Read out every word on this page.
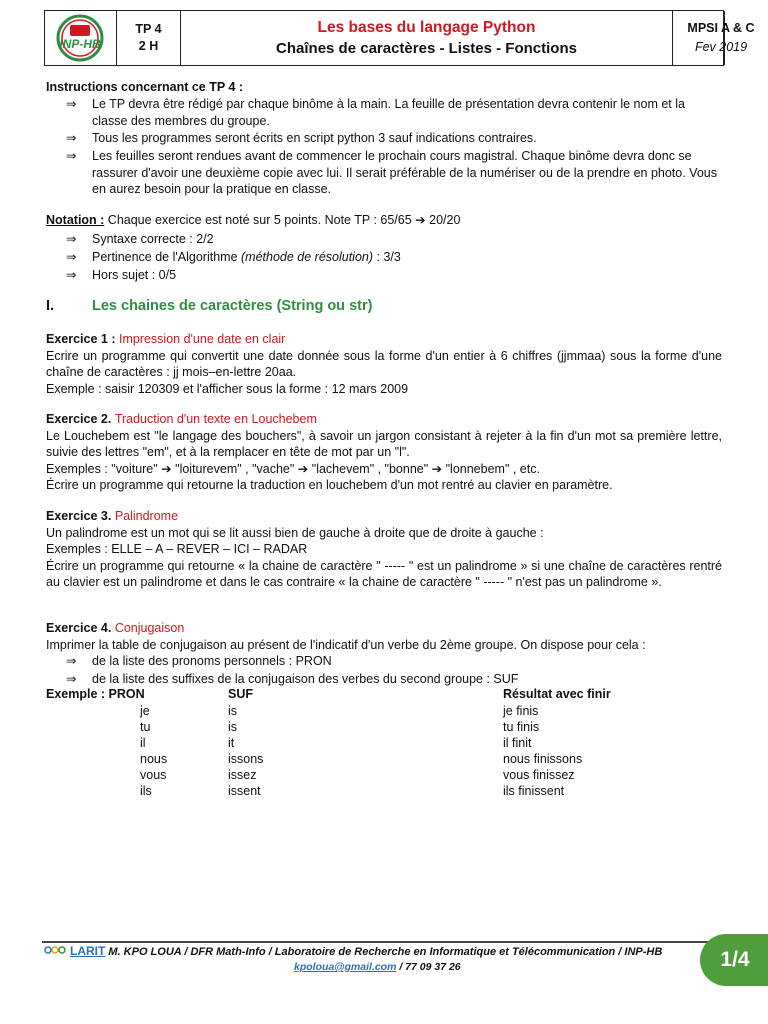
INP-HB
TP 4
2 H
Les bases du langage Python
Chaînes de caractères - Listes - Fonctions
MPSI A & C
Fev 2019
Instructions concernant ce TP 4 :
⇒ Le TP devra être rédigé par chaque binôme à la main. La feuille de présentation devra contenir le nom et la classe des membres du groupe.
⇒ Tous les programmes seront écrits en script python 3 sauf indications contraires.
⇒ Les feuilles seront rendues avant de commencer le prochain cours magistral. Chaque binôme devra donc se rassurer d'avoir une deuxième copie avec lui. Il serait préférable de la numériser ou de la prendre en photo. Vous en aurez besoin pour la pratique en classe.
Notation : Chaque exercice est noté sur 5 points. Note TP : 65/65 ➔ 20/20
⇒ Syntaxe correcte : 2/2
⇒ Pertinence de l'Algorithme (méthode de résolution) : 3/3
⇒ Hors sujet : 0/5
I.	Les chaines de caractères (String ou str)

Exercice 1 : Impression d'une date en clair

Ecrire un programme qui convertit une date donnée sous la forme d'un entier à 6 chiffres (jjmmaa) sous la forme d'une chaîne de caractères : jj mois–en-lettre 20aa.

Exemple : saisir 120309 et l'afficher sous la forme : 12 mars 2009

Exercice 2. Traduction d'un texte en Louchebem

Le Louchebem est "le langage des bouchers", à savoir un jargon consistant à rejeter à la fin d'un mot sa première lettre, suivie des lettres "em", et à la remplacer en tête de mot par un "l".

Exemples : "voiture" ➔ "loiturevem" , "vache" ➔ "lachevem" , "bonne" ➔ "lonnebem" , etc.

Écrire un programme qui retourne la traduction en louchebem d'un mot rentré au clavier en paramètre.

Exercice 3. Palindrome

Un palindrome est un mot qui se lit aussi bien de gauche à droite que de droite à gauche :

Exemples : ELLE – A – REVER – ICI – RADAR

Écrire un programme qui retourne « la chaine de caractère " ----- " est un palindrome » si une chaîne de caractères rentré au clavier est un palindrome et dans le cas contraire « la chaine de caractère " ----- " n'est pas un palindrome ».

Exercice 4. Conjugaison

Imprimer la table de conjugaison au présent de l'indicatif d'un verbe du 2ème groupe. On dispose pour cela :

⇒ de la liste des pronoms personnels : PRON
⇒ de la liste des suffixes de la conjugaison des verbes du second groupe : SUF
Exemple : PRON	SUF	Résultat avec finir
je	is	je finis
tu	is	tu finis
il	it	il finit
nous	issons	nous finissons
vous	issez	vous finissez
ils	issent	ils finissent
LARIT M. KPO LOUA / DFR Math-Info / Laboratoire de Recherche en Informatique et Télécommunication / INP-HB
kpoloua@gmail.com / 77 09 37 26	1/4
